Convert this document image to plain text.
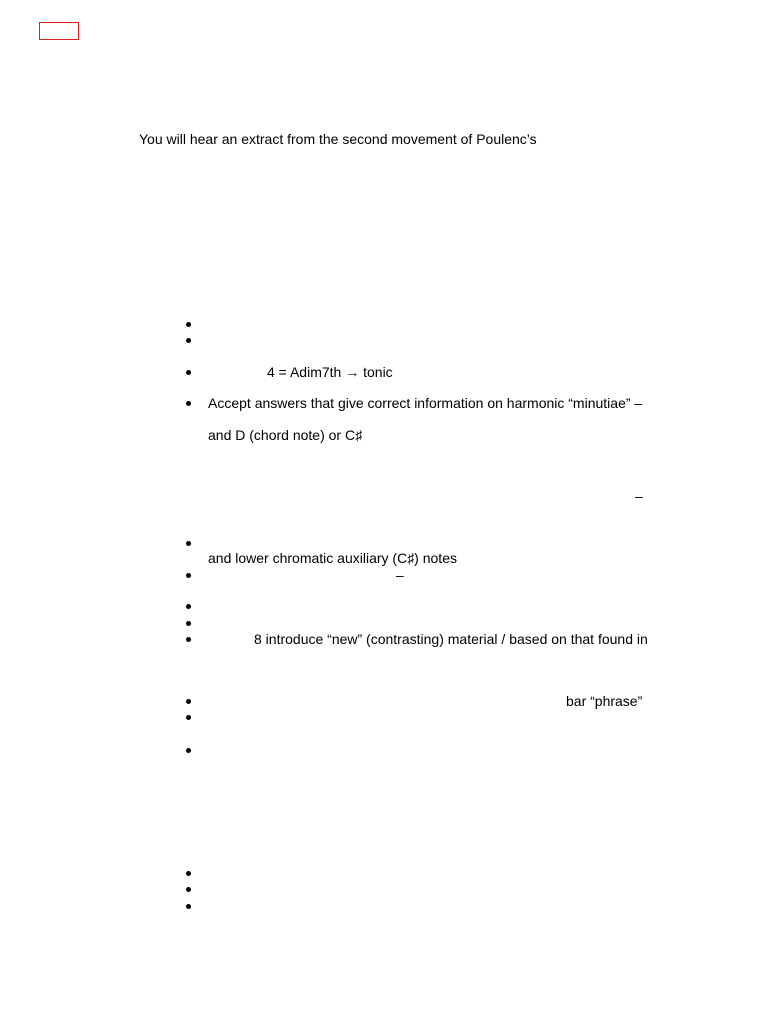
You will hear an extract from the second movement of Poulenc’s
4 = Adim7th → tonic
Accept answers that give correct information on harmonic “minutiae” –
and D (chord note) or C♯
–
and lower chromatic auxiliary (C♯) notes
–
8 introduce “new” (contrasting) material / based on that found in
bar “phrase”
